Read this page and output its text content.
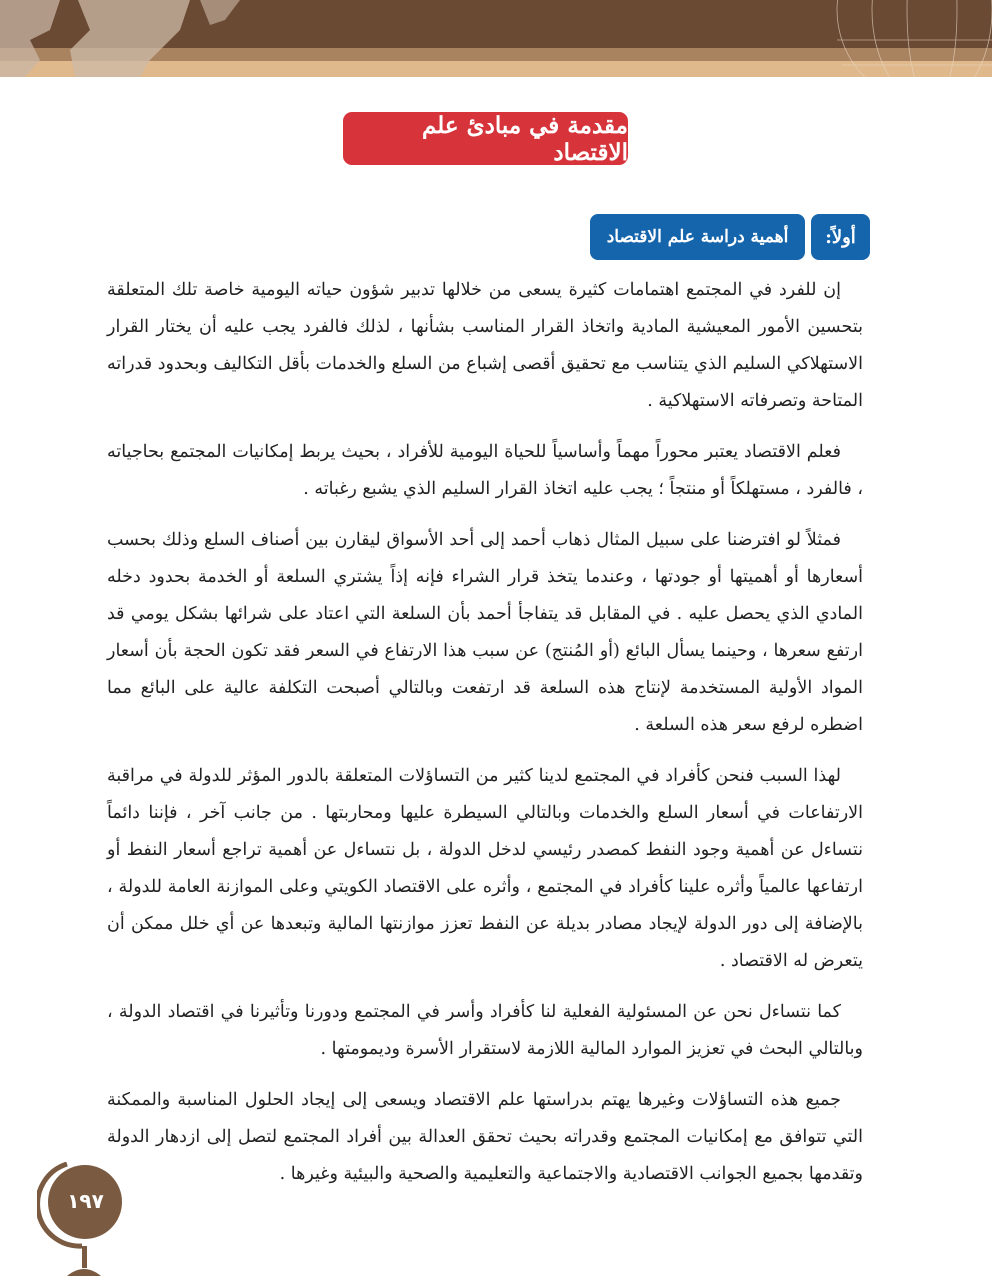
مقدمة في مبادئ علم الاقتصاد
أولاً:
أهمية دراسة علم الاقتصاد

إن للفرد في المجتمع اهتمامات كثيرة يسعى من خلالها تدبير شؤون حياته اليومية خاصة تلك المتعلقة بتحسين الأمور المعيشية المادية واتخاذ القرار المناسب بشأنها ، لذلك فالفرد يجب عليه أن يختار القرار الاستهلاكي السليم الذي يتناسب مع تحقيق أقصى إشباع من السلع والخدمات بأقل التكاليف وبحدود قدراته المتاحة وتصرفاته الاستهلاكية .

فعلم الاقتصاد يعتبر محوراً مهماً وأساسياً للحياة اليومية للأفراد ، بحيث يربط إمكانيات المجتمع بحاجياته ، فالفرد ، مستهلكاً أو منتجاً ؛ يجب عليه اتخاذ القرار السليم الذي يشبع رغباته .

فمثلاً لو افترضنا على سبيل المثال ذهاب أحمد إلى أحد الأسواق ليقارن بين أصناف السلع وذلك بحسب أسعارها أو أهميتها أو جودتها ، وعندما يتخذ قرار الشراء فإنه إذاً يشتري السلعة أو الخدمة بحدود دخله المادي الذي يحصل عليه . في المقابل قد يتفاجأ أحمد بأن السلعة التي اعتاد على شرائها بشكل يومي قد ارتفع سعرها ، وحينما يسأل البائع (أو المُنتج) عن سبب هذا الارتفاع في السعر فقد تكون الحجة بأن أسعار المواد الأولية المستخدمة لإنتاج هذه السلعة قد ارتفعت وبالتالي أصبحت التكلفة عالية على البائع مما اضطره لرفع سعر هذه السلعة .

لهذا السبب فنحن كأفراد في المجتمع لدينا كثير من التساؤلات المتعلقة بالدور المؤثر للدولة في مراقبة الارتفاعات في أسعار السلع والخدمات وبالتالي السيطرة عليها ومحاربتها . من جانب آخر ، فإننا دائماً نتساءل عن أهمية وجود النفط كمصدر رئيسي لدخل الدولة ، بل نتساءل عن أهمية تراجع أسعار النفط أو ارتفاعها عالمياً وأثره علينا كأفراد في المجتمع ، وأثره على الاقتصاد الكويتي وعلى الموازنة العامة للدولة ، بالإضافة إلى دور الدولة لإيجاد مصادر بديلة عن النفط تعزز موازنتها المالية وتبعدها عن أي خلل ممكن أن يتعرض له الاقتصاد .

كما نتساءل نحن عن المسئولية الفعلية لنا كأفراد وأسر في المجتمع ودورنا وتأثيرنا في اقتصاد الدولة ، وبالتالي البحث في تعزيز الموارد المالية اللازمة لاستقرار الأسرة وديمومتها .

جميع هذه التساؤلات وغيرها يهتم بدراستها علم الاقتصاد ويسعى إلى إيجاد الحلول المناسبة والممكنة التي تتوافق مع إمكانيات المجتمع وقدراته بحيث تحقق العدالة بين أفراد المجتمع لتصل إلى ازدهار الدولة وتقدمها بجميع الجوانب الاقتصادية والاجتماعية والتعليمية والصحية والبيئية وغيرها .

١٩٧
